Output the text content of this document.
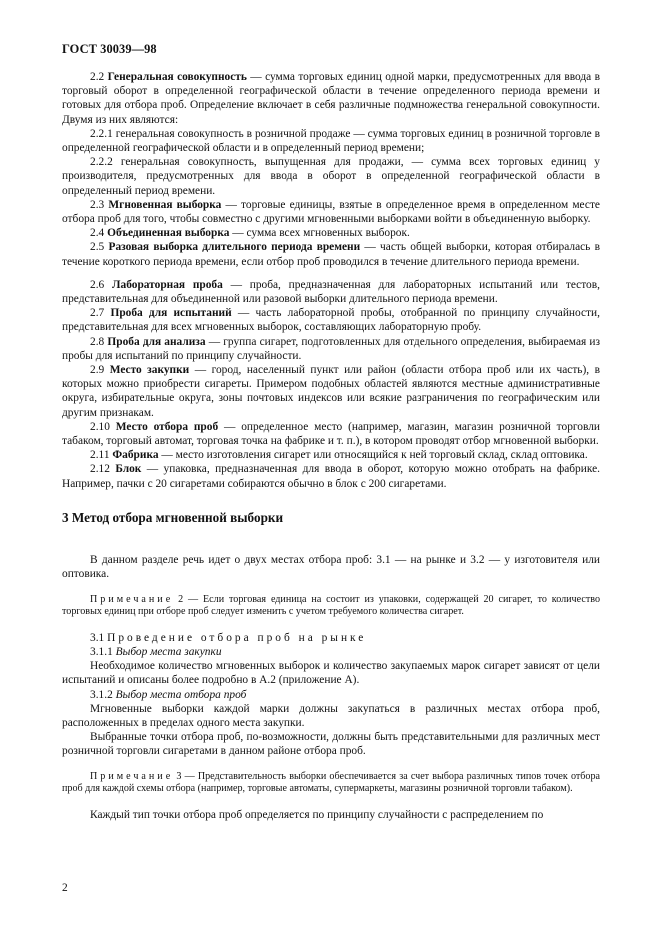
ГОСТ 30039—98

2.2 Генеральная совокупность — сумма торговых единиц одной марки, предусмотренных для ввода в торговый оборот в определенной географической области в течение определенного периода времени и готовых для отбора проб. Определение включает в себя различные подмножества генеральной совокупности. Двумя из них являются:

2.2.1 генеральная совокупность в розничной продаже — сумма торговых единиц в розничной торговле в определенной географической области и в определенный период времени;

2.2.2 генеральная совокупность, выпущенная для продажи, — сумма всех торговых единиц у производителя, предусмотренных для ввода в оборот в определенной географической области в определенный период времени.

2.3 Мгновенная выборка — торговые единицы, взятые в определенное время в определенном месте отбора проб для того, чтобы совместно с другими мгновенными выборками войти в объединенную выборку.

2.4 Объединенная выборка — сумма всех мгновенных выборок.

2.5 Разовая выборка длительного периода времени — часть общей выборки, которая отбиралась в течение короткого периода времени, если отбор проб проводился в течение длительного периода времени.

2.6 Лабораторная проба — проба, предназначенная для лабораторных испытаний или тестов, представительная для объединенной или разовой выборки длительного периода времени.

2.7 Проба для испытаний — часть лабораторной пробы, отобранной по принципу случайности, представительная для всех мгновенных выборок, составляющих лабораторную пробу.

2.8 Проба для анализа — группа сигарет, подготовленных для отдельного определения, выбираемая из пробы для испытаний по принципу случайности.

2.9 Место закупки — город, населенный пункт или район (области отбора проб или их часть), в которых можно приобрести сигареты. Примером подобных областей являются местные административные округа, избирательные округа, зоны почтовых индексов или всякие разграничения по географическим или другим признакам.

2.10 Место отбора проб — определенное место (например, магазин, магазин розничной торговли табаком, торговый автомат, торговая точка на фабрике и т. п.), в котором проводят отбор мгновенной выборки.

2.11 Фабрика — место изготовления сигарет или относящийся к ней торговый склад, склад оптовика.

2.12 Блок — упаковка, предназначенная для ввода в оборот, которую можно отобрать на фабрике. Например, пачки с 20 сигаретами собираются обычно в блок с 200 сигаретами.

3 Метод отбора мгновенной выборки

В данном разделе речь идет о двух местах отбора проб: 3.1 — на рынке и 3.2 — у изготовителя или оптовика.

Примечание 2 — Если торговая единица на состоит из упаковки, содержащей 20 сигарет, то количество торговых единиц при отборе проб следует изменить с учетом требуемого количества сигарет.

3.1 Проведение отбора проб на рынке

3.1.1 Выбор места закупки

Необходимое количество мгновенных выборок и количество закупаемых марок сигарет зависят от цели испытаний и описаны более подробно в А.2 (приложение А).

3.1.2 Выбор места отбора проб

Мгновенные выборки каждой марки должны закупаться в различных местах отбора проб, расположенных в пределах одного места закупки.

Выбранные точки отбора проб, по-возможности, должны быть представительными для различных мест розничной торговли сигаретами в данном районе отбора проб.

Примечание 3 — Представительность выборки обеспечивается за счет выбора различных типов точек отбора проб для каждой схемы отбора (например, торговые автоматы, супермаркеты, магазины розничной торговли табаком).

Каждый тип точки отбора проб определяется по принципу случайности с распределением по

2
